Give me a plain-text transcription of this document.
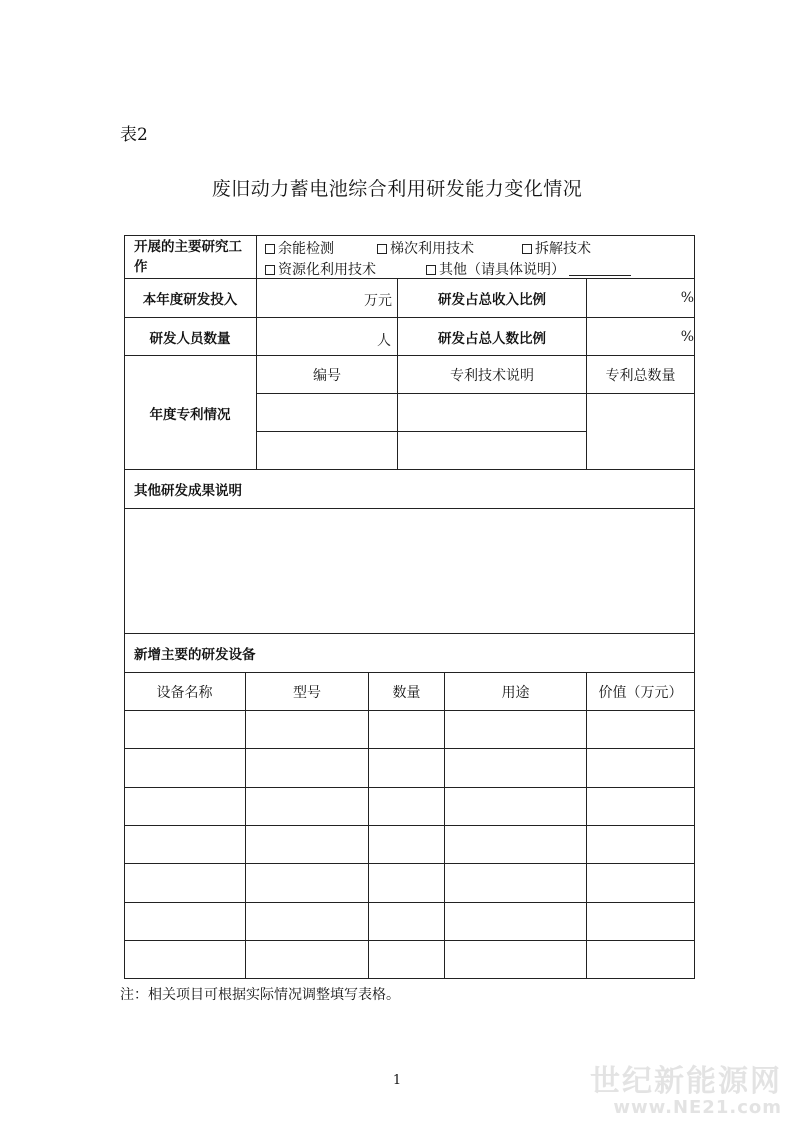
表2
废旧动力蓄电池综合利用研发能力变化情况
开展的主要研究工作
余能检测	梯次利用技术	拆解技术
资源化利用技术	其他（请具体说明）
本年度研发投入	万元	研发占总收入比例	%
研发人员数量	人	研发占总人数比例	%
年度专利情况
编号	专利技术说明	专利总数量
其他研发成果说明
新增主要的研发设备
设备名称	型号	数量	用途	价值（万元）
注：相关项目可根据实际情况调整填写表格。
1	世纪新能源网
www.NE21.com
